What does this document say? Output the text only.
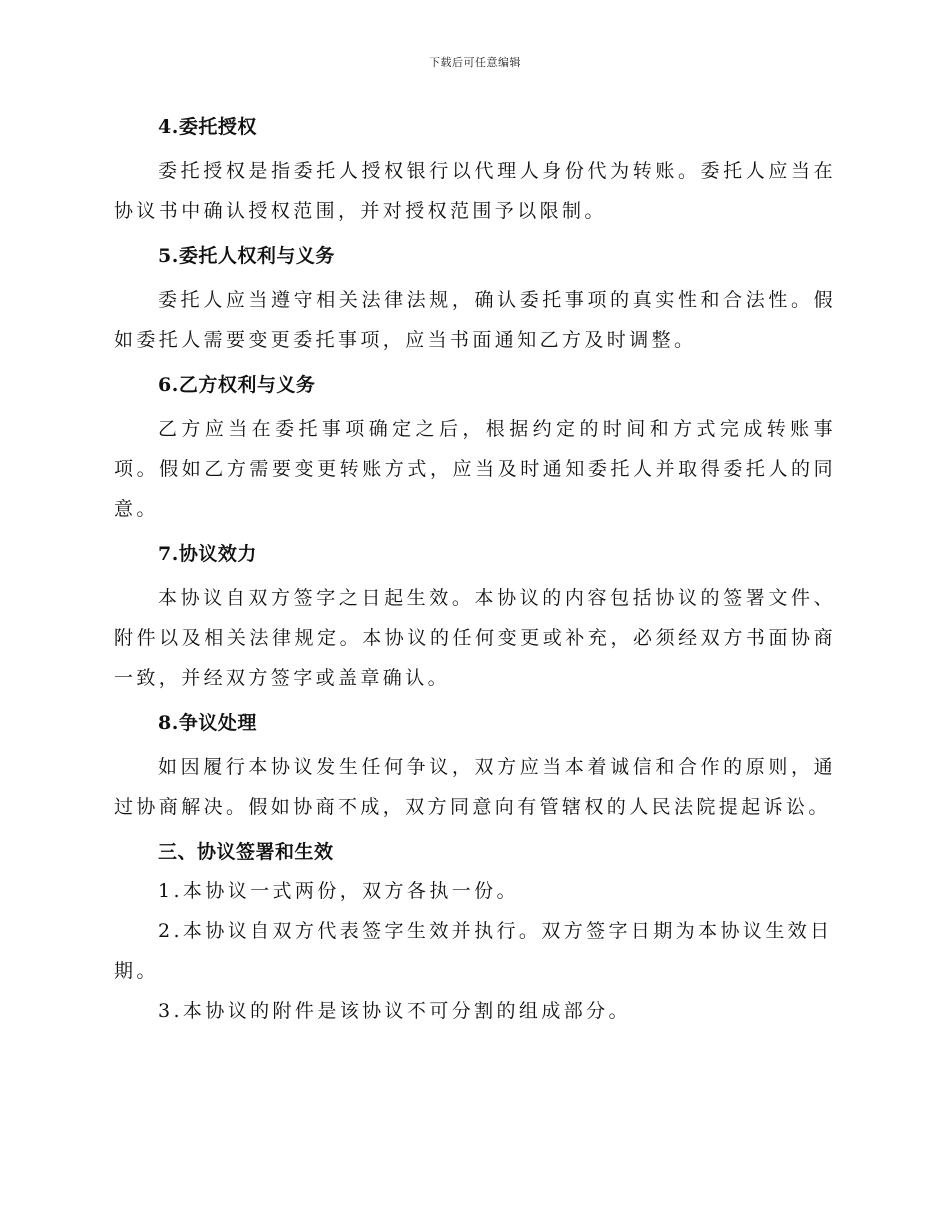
下载后可任意编辑
4.委托授权

委托授权是指委托人授权银行以代理人身份代为转账。委托人应当在协议书中确认授权范围，并对授权范围予以限制。

5.委托人权利与义务

委托人应当遵守相关法律法规，确认委托事项的真实性和合法性。假如委托人需要变更委托事项，应当书面通知乙方及时调整。

6.乙方权利与义务

乙方应当在委托事项确定之后，根据约定的时间和方式完成转账事项。假如乙方需要变更转账方式，应当及时通知委托人并取得委托人的同意。

7.协议效力

本协议自双方签字之日起生效。本协议的内容包括协议的签署文件、附件以及相关法律规定。本协议的任何变更或补充，必须经双方书面协商一致，并经双方签字或盖章确认。

8.争议处理

如因履行本协议发生任何争议，双方应当本着诚信和合作的原则，通过协商解决。假如协商不成，双方同意向有管辖权的人民法院提起诉讼。

三、协议签署和生效

1.本协议一式两份，双方各执一份。

2.本协议自双方代表签字生效并执行。双方签字日期为本协议生效日期。

3.本协议的附件是该协议不可分割的组成部分。
